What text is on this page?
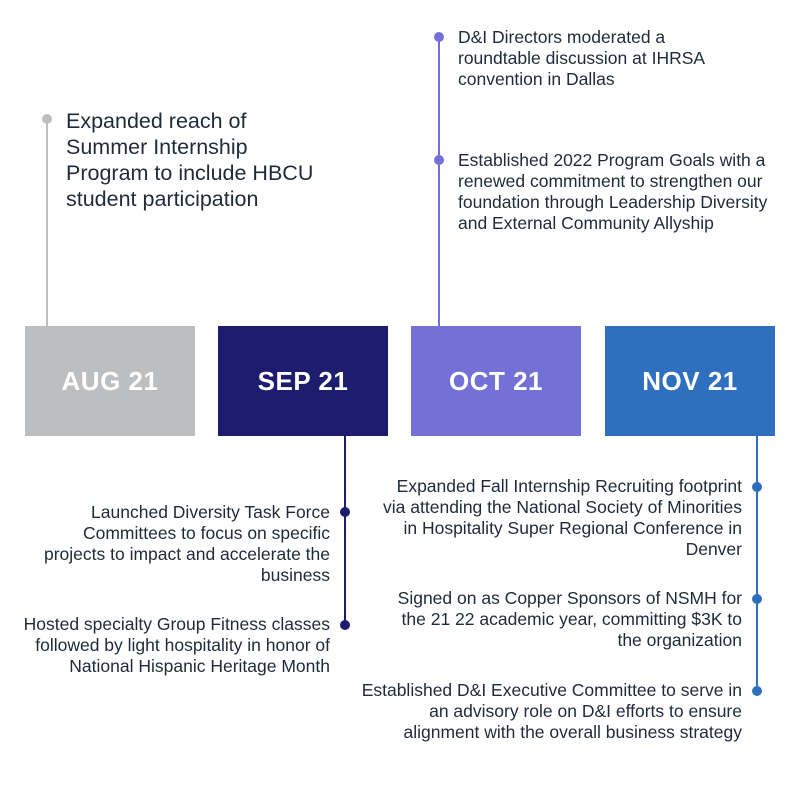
Expanded reach of Summer Internship Program to include HBCU student participation
D&I Directors moderated a roundtable discussion at IHRSA convention in Dallas
Established 2022 Program Goals with a renewed commitment to strengthen our foundation through Leadership Diversity and External Community Allyship
AUG 21	SEP 21	OCT 21	NOV 21
Launched Diversity Task Force Committees to focus on specific projects to impact and accelerate the business
Hosted specialty Group Fitness classes followed by light hospitality in honor of National Hispanic Heritage Month
Expanded Fall Internship Recruiting footprint via attending the National Society of Minorities in Hospitality Super Regional Conference in Denver
Signed on as Copper Sponsors of NSMH for the 21 22 academic year, committing $3K to the organization
Established D&I Executive Committee to serve in an advisory role on D&I efforts to ensure alignment with the overall business strategy
